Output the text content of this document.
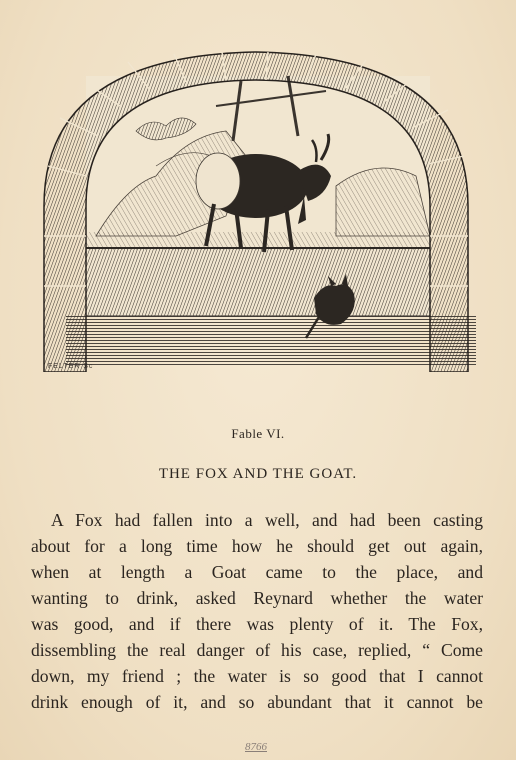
FELTER Sc
Fable VI.
THE FOX AND THE GOAT.
A Fox had fallen into a well, and had been casting
about for a long time how he should get out again,
when at length a Goat came to the place, and
wanting to drink, asked Reynard whether the water
was good, and if there was plenty of it. The Fox,
dissembling the real danger of his case, replied, “ Come
down, my friend ; the water is so good that I cannot
drink enough of it, and so abundant that it cannot be
8766
